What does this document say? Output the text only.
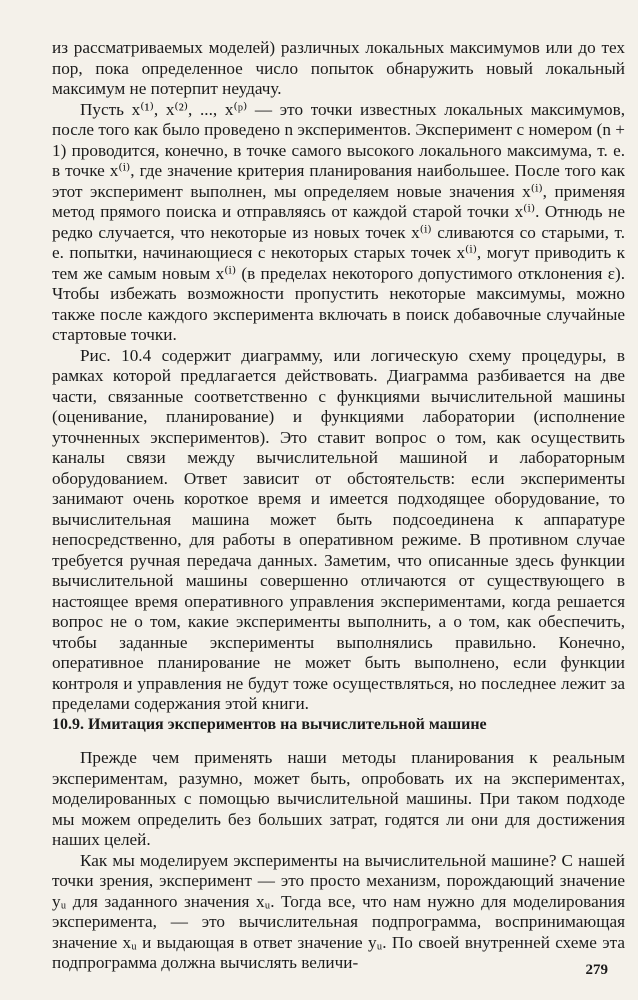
из рассматриваемых моделей) различных локальных максимумов или до тех пор, пока определенное число попыток обнаружить новый локальный максимум не потерпит неудачу.

Пусть x⁽¹⁾, x⁽²⁾, ..., x⁽ᵖ⁾ — это точки известных локальных максимумов, после того как было проведено n экспериментов. Эксперимент с номером (n + 1) проводится, конечно, в точке самого высокого локального максимума, т. е. в точке x⁽ⁱ⁾, где значение критерия планирования наибольшее. После того как этот эксперимент выполнен, мы определяем новые значения x⁽ⁱ⁾, применяя метод прямого поиска и отправляясь от каждой старой точки x⁽ⁱ⁾. Отнюдь не редко случается, что некоторые из новых точек x⁽ⁱ⁾ сливаются со старыми, т. е. попытки, начинающиеся с некоторых старых точек x⁽ⁱ⁾, могут приводить к тем же самым новым x⁽ⁱ⁾ (в пределах некоторого допустимого отклонения ε). Чтобы избежать возможности пропустить некоторые максимумы, можно также после каждого эксперимента включать в поиск добавочные случайные стартовые точки.

Рис. 10.4 содержит диаграмму, или логическую схему процедуры, в рамках которой предлагается действовать. Диаграмма разбивается на две части, связанные соответственно с функциями вычислительной машины (оценивание, планирование) и функциями лаборатории (исполнение уточненных экспериментов). Это ставит вопрос о том, как осуществить каналы связи между вычислительной машиной и лабораторным оборудованием. Ответ зависит от обстоятельств: если эксперименты занимают очень короткое время и имеется подходящее оборудование, то вычислительная машина может быть подсоединена к аппаратуре непосредственно, для работы в оперативном режиме. В противном случае требуется ручная передача данных. Заметим, что описанные здесь функции вычислительной машины совершенно отличаются от существующего в настоящее время оперативного управления экспериментами, когда решается вопрос не о том, какие эксперименты выполнить, а о том, как обеспечить, чтобы заданные эксперименты выполнялись правильно. Конечно, оперативное планирование не может быть выполнено, если функции контроля и управления не будут тоже осуществляться, но последнее лежит за пределами содержания этой книги.

10.9. Имитация экспериментов на вычислительной машине

Прежде чем применять наши методы планирования к реальным экспериментам, разумно, может быть, опробовать их на экспериментах, моделированных с помощью вычислительной машины. При таком подходе мы можем определить без больших затрат, годятся ли они для достижения наших целей.

Как мы моделируем эксперименты на вычислительной машине? С нашей точки зрения, эксперимент — это просто механизм, порождающий значение yᵤ для заданного значения xᵤ. Тогда все, что нам нужно для моделирования эксперимента, — это вычислительная подпрограмма, воспринимающая значение xᵤ и выдающая в ответ значение yᵤ. По своей внутренней схеме эта подпрограмма должна вычислять величи-	279
